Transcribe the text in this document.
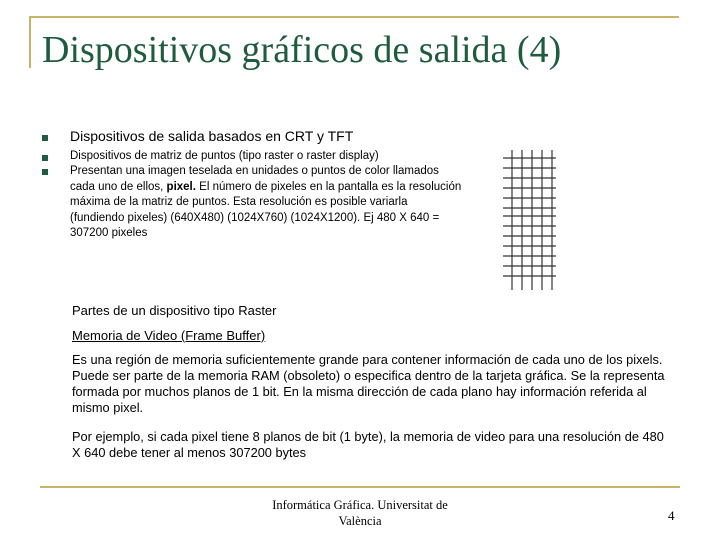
Dispositivos gráficos de salida (4)
Dispositivos de salida basados en CRT y TFT
Dispositivos de matriz de puntos (tipo raster o raster display)
Presentan una imagen teselada en unidades o puntos de color llamados cada uno de ellos, pixel. El número de pixeles en la pantalla es la resolución máxima de la matriz de puntos. Esta resolución es posible variarla (fundiendo pixeles) (640X480) (1024X760) (1024X1200). Ej 480 X 640 = 307200 pixeles
Partes de un dispositivo tipo Raster
Memoria de Video (Frame Buffer)
Es una región de memoria suficientemente grande para contener información de cada uno de los pixels. Puede ser parte de la memoria RAM (obsoleto) o especifica dentro de la tarjeta gráfica. Se la representa formada por muchos planos de 1 bit. En la misma dirección de cada plano hay información referida al mismo pixel.
Por ejemplo, si cada pixel tiene 8 planos de bit (1 byte), la memoria de video para una resolución de 480 X 640 debe tener al menos 307200 bytes
Informática Gráfica. Universitat de
València	4
